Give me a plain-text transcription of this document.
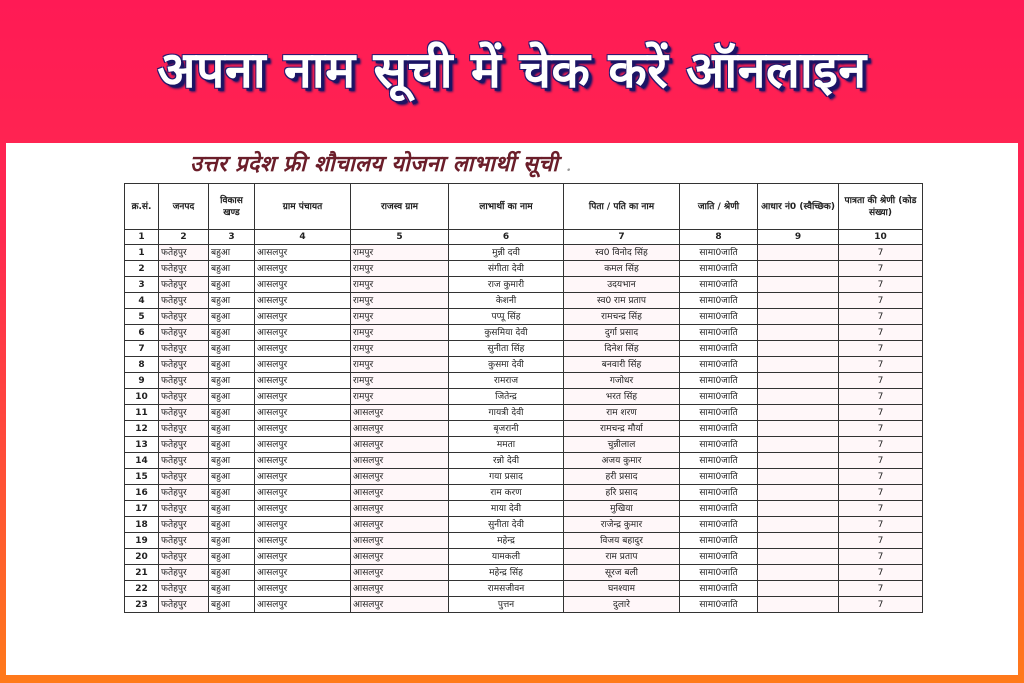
अपना नाम सूची में चेक करें ऑनलाइन
उत्तर प्रदेश फ्री शौचालय योजना लाभार्थी सूची .
क्र.सं.	जनपद	विकास खण्ड	ग्राम पंचायत	राजस्व ग्राम	लाभार्थी का नाम	पिता / पति का नाम	जाति / श्रेणी	आधार नं0 (स्वैच्छिक)	पात्रता की श्रेणी (कोड संख्या)
1	2	3	4	5	6	7	8	9	10
1	फतेहपुर	बहुआ	आसलपुर	रामपुर	मुन्नी दवी	स्व0 विनोद सिंह	सामा0जाति		7
2	फतेहपुर	बहुआ	आसलपुर	रामपुर	संगीता देवी	कमल सिंह	सामा0जाति		7
3	फतेहपुर	बहुआ	आसलपुर	रामपुर	राज कुमारी	उदयभान	सामा0जाति		7
4	फतेहपुर	बहुआ	आसलपुर	रामपुर	केशनी	स्व0 राम प्रताप	सामा0जाति		7
5	फतेहपुर	बहुआ	आसलपुर	रामपुर	पप्पू सिंह	रामचन्द्र सिंह	सामा0जाति		7
6	फतेहपुर	बहुआ	आसलपुर	रामपुर	कुसमिया देवी	दुर्गा प्रसाद	सामा0जाति		7
7	फतेहपुर	बहुआ	आसलपुर	रामपुर	सुनीता सिंह	दिनेश सिंह	सामा0जाति		7
8	फतेहपुर	बहुआ	आसलपुर	रामपुर	कुसमा देवी	बनवारी सिंह	सामा0जाति		7
9	फतेहपुर	बहुआ	आसलपुर	रामपुर	रामराज	गजोधर	सामा0जाति		7
10	फतेहपुर	बहुआ	आसलपुर	रामपुर	जितेन्द्र	भरत सिंह	सामा0जाति		7
11	फतेहपुर	बहुआ	आसलपुर	आसलपुर	गायत्री देवी	राम शरण	सामा0जाति		7
12	फतेहपुर	बहुआ	आसलपुर	आसलपुर	बृजरानी	रामचन्द्र मौर्या	सामा0जाति		7
13	फतेहपुर	बहुआ	आसलपुर	आसलपुर	ममता	चुन्नीलाल	सामा0जाति		7
14	फतेहपुर	बहुआ	आसलपुर	आसलपुर	रन्नो देवी	अजय कुमार	सामा0जाति		7
15	फतेहपुर	बहुआ	आसलपुर	आसलपुर	गया प्रसाद	हरी प्रसाद	सामा0जाति		7
16	फतेहपुर	बहुआ	आसलपुर	आसलपुर	राम करण	हरि प्रसाद	सामा0जाति		7
17	फतेहपुर	बहुआ	आसलपुर	आसलपुर	माया देवी	मुखिया	सामा0जाति		7
18	फतेहपुर	बहुआ	आसलपुर	आसलपुर	सुनीता देवी	राजेन्द्र कुमार	सामा0जाति		7
19	फतेहपुर	बहुआ	आसलपुर	आसलपुर	महेन्द्र	विजय बहादुर	सामा0जाति		7
20	फतेहपुर	बहुआ	आसलपुर	आसलपुर	यामकली	राम प्रताप	सामा0जाति		7
21	फतेहपुर	बहुआ	आसलपुर	आसलपुर	महेन्द्र सिंह	सूरज बली	सामा0जाति		7
22	फतेहपुर	बहुआ	आसलपुर	आसलपुर	रामसजीवन	घनश्याम	सामा0जाति		7
23	फतेहपुर	बहुआ	आसलपुर	आसलपुर	पुत्तन	दुलारे	सामा0जाति		7
